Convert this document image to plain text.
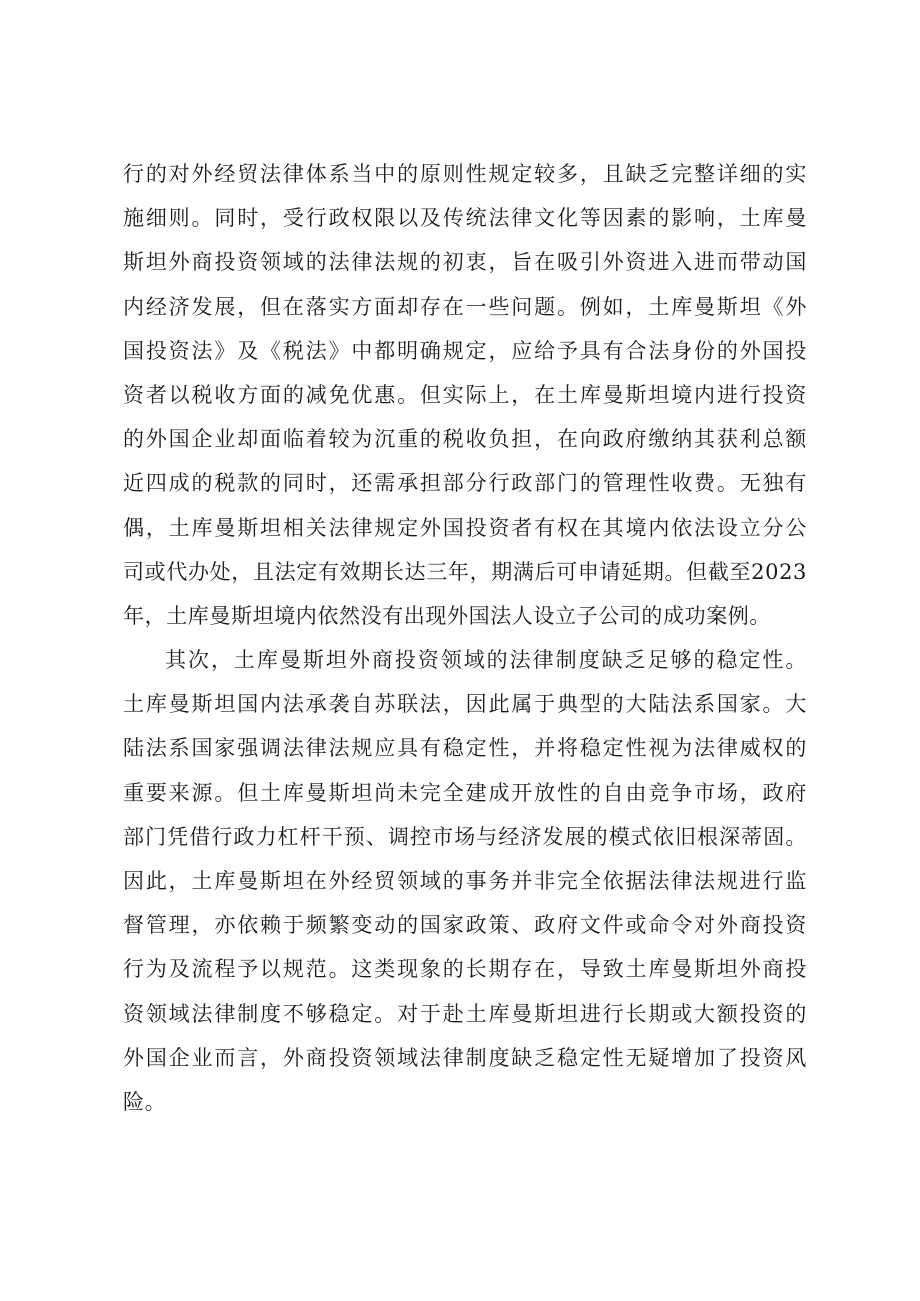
行的对外经贸法律体系当中的原则性规定较多，且缺乏完整详细的实
施细则。同时，受行政权限以及传统法律文化等因素的影响，土库曼
斯坦外商投资领域的法律法规的初衷，旨在吸引外资进入进而带动国
内经济发展，但在落实方面却存在一些问题。例如，土库曼斯坦《外
国投资法》及《税法》中都明确规定，应给予具有合法身份的外国投
资者以税收方面的减免优惠。但实际上，在土库曼斯坦境内进行投资
的外国企业却面临着较为沉重的税收负担，在向政府缴纳其获利总额
近四成的税款的同时，还需承担部分行政部门的管理性收费。无独有
偶，土库曼斯坦相关法律规定外国投资者有权在其境内依法设立分公
司或代办处，且法定有效期长达三年，期满后可申请延期。但截至2023
年，土库曼斯坦境内依然没有出现外国法人设立子公司的成功案例。
其次，土库曼斯坦外商投资领域的法律制度缺乏足够的稳定性。
土库曼斯坦国内法承袭自苏联法，因此属于典型的大陆法系国家。大
陆法系国家强调法律法规应具有稳定性，并将稳定性视为法律威权的
重要来源。但土库曼斯坦尚未完全建成开放性的自由竞争市场，政府
部门凭借行政力杠杆干预、调控市场与经济发展的模式依旧根深蒂固。
因此，土库曼斯坦在外经贸领域的事务并非完全依据法律法规进行监
督管理，亦依赖于频繁变动的国家政策、政府文件或命令对外商投资
行为及流程予以规范。这类现象的长期存在，导致土库曼斯坦外商投
资领域法律制度不够稳定。对于赴土库曼斯坦进行长期或大额投资的
外国企业而言，外商投资领域法律制度缺乏稳定性无疑增加了投资风
险。
